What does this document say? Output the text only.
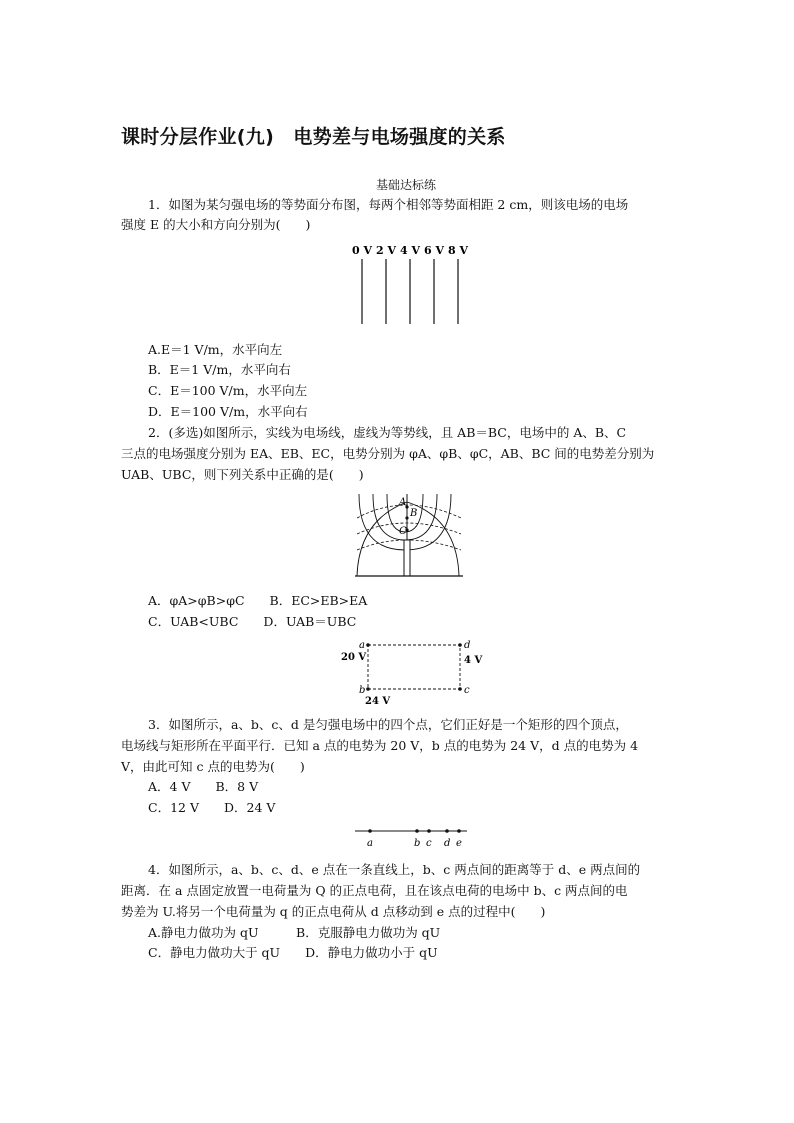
课时分层作业(九)　电势差与电场强度的关系
基础达标练
1．如图为某匀强电场的等势面分布图，每两个相邻等势面相距 2 cm，则该电场的电场
强度 E 的大小和方向分别为(　　)
0 V 2 V 4 V 6 V 8 V
A.E＝1 V/m，水平向左
B．E＝1 V/m，水平向右
C．E＝100 V/m，水平向左
D．E＝100 V/m，水平向右
2．(多选)如图所示，实线为电场线，虚线为等势线，且 AB＝BC，电场中的 A、B、C
三点的电场强度分别为 EA、EB、EC，电势分别为 φA、φB、φC，AB、BC 间的电势差分别为
UAB、UBC，则下列关系中正确的是(　　)
A
B
C
A．φA>φB>φC　　B．EC>EB>EA
C．UAB<UBC　　D．UAB＝UBC
a
b	c
d
20 V	4 V
24 V
3．如图所示，a、b、c、d 是匀强电场中的四个点，它们正好是一个矩形的四个顶点，
电场线与矩形所在平面平行．已知 a 点的电势为 20 V，b 点的电势为 24 V，d 点的电势为 4
V，由此可知 c 点的电势为(　　)
A．4 V　　B．8 V
C．12 V　　D．24 V
a	b c d e
4．如图所示，a、b、c、d、e 点在一条直线上，b、c 两点间的距离等于 d、e 两点间的
距离．在 a 点固定放置一电荷量为 Q 的正点电荷，且在该点电荷的电场中 b、c 两点间的电
势差为 U.将另一个电荷量为 q 的正点电荷从 d 点移动到 e 点的过程中(　　)
A.静电力做功为 qU　　　B．克服静电力做功为 qU
C．静电力做功大于 qU　　D．静电力做功小于 qU
